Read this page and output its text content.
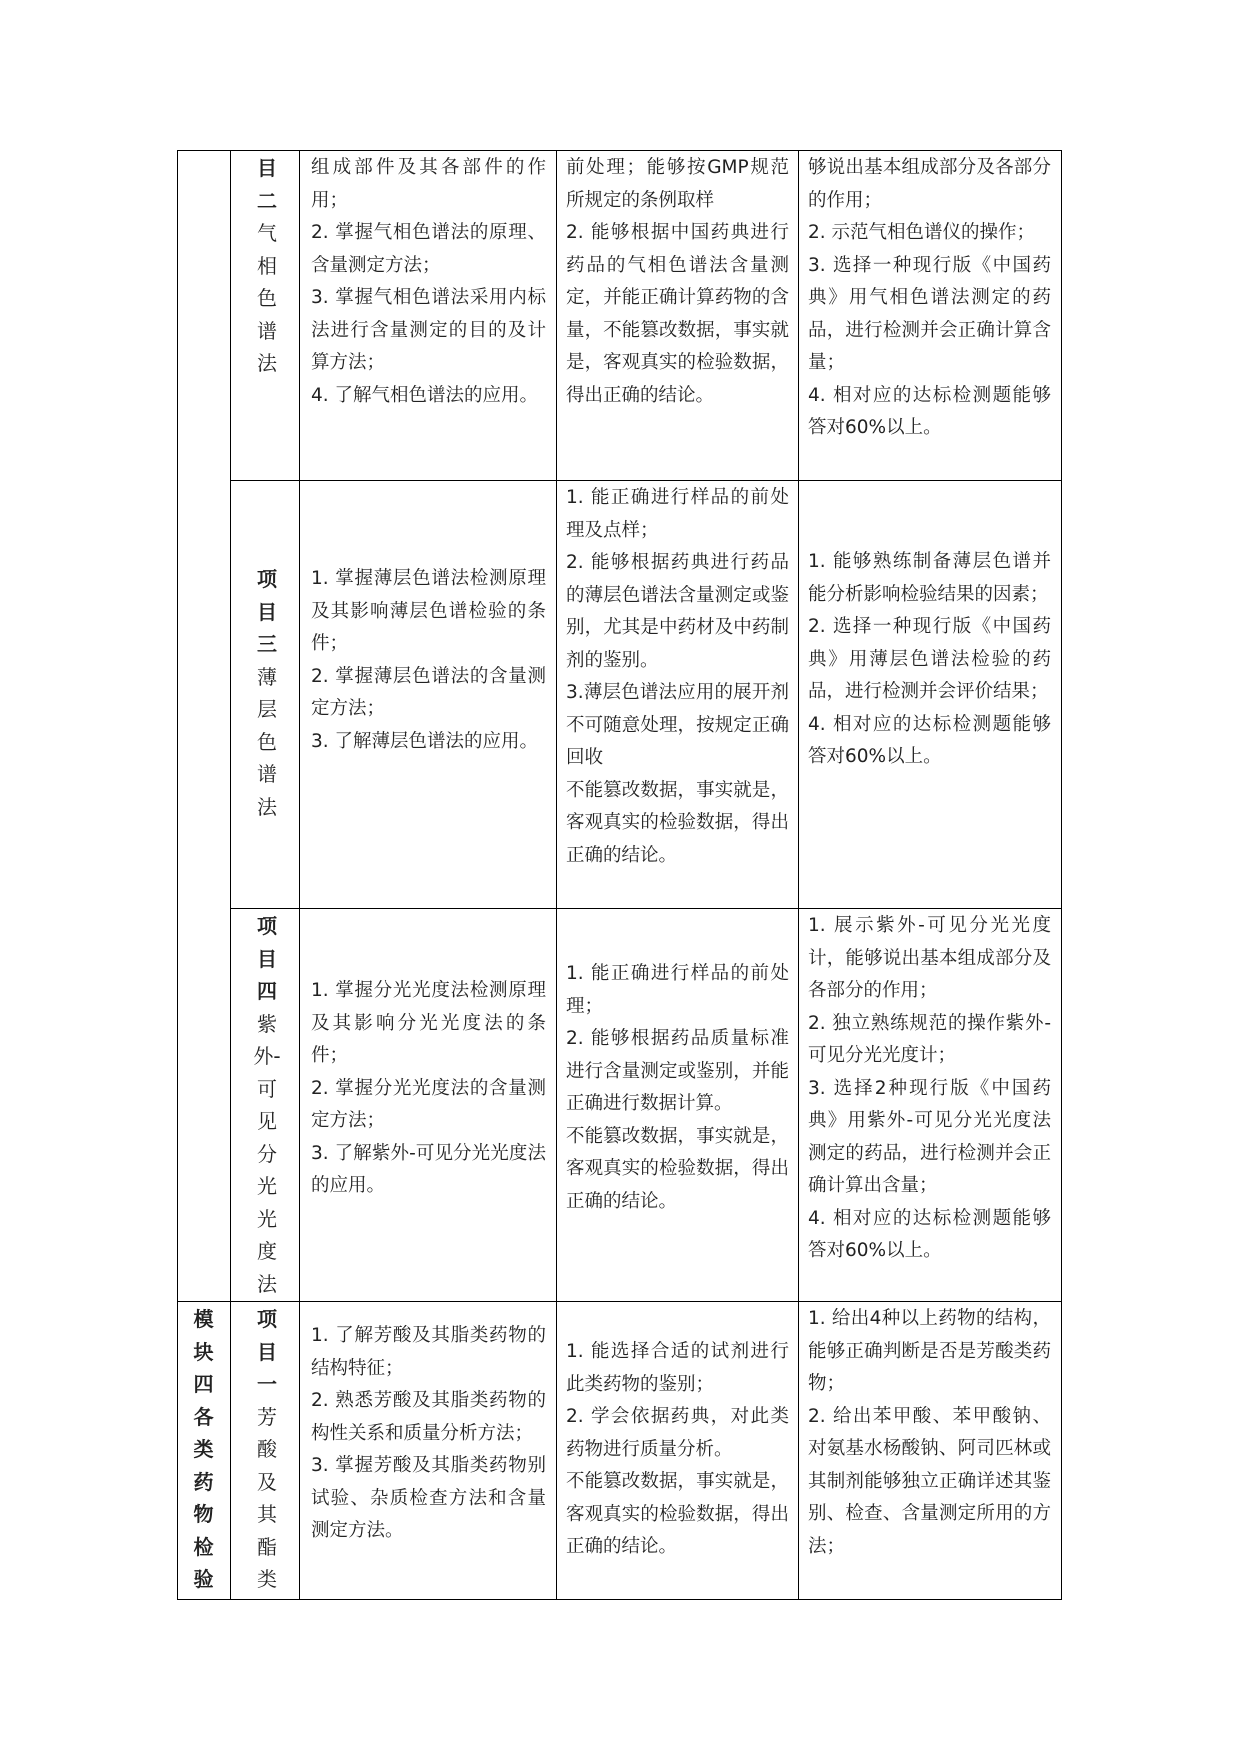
目
二
气
相
色
谱
法

组成部件及其各部件的作用；

2. 掌握气相色谱法的原理、含量测定方法；

3. 掌握气相色谱法采用内标法进行含量测定的目的及计算方法；

4. 了解气相色谱法的应用。

前处理；能够按GMP规范所规定的条例取样

2. 能够根据中国药典进行药品的气相色谱法含量测定，并能正确计算药物的含量，不能篡改数据，事实就是，客观真实的检验数据，得出正确的结论。

够说出基本组成部分及各部分的作用；

2. 示范气相色谱仪的操作；

3. 选择一种现行版《中国药典》用气相色谱法测定的药品，进行检测并会正确计算含量；

4. 相对应的达标检测题能够答对60%以上。

项
目
三
薄
层
色
谱
法

1. 掌握薄层色谱法检测原理及其影响薄层色谱检验的条件；

2. 掌握薄层色谱法的含量测定方法；

3. 了解薄层色谱法的应用。

1. 能正确进行样品的前处理及点样；

2. 能够根据药典进行药品的薄层色谱法含量测定或鉴别，尤其是中药材及中药制剂的鉴别。

3.薄层色谱法应用的展开剂不可随意处理，按规定正确回收

不能篡改数据，事实就是，客观真实的检验数据，得出正确的结论。

1. 能够熟练制备薄层色谱并能分析影响检验结果的因素；

2. 选择一种现行版《中国药典》用薄层色谱法检验的药品，进行检测并会评价结果；

4. 相对应的达标检测题能够答对60%以上。

项
目
四
紫
外-
可
见
分
光
光
度
法

1. 掌握分光光度法检测原理及其影响分光光度法的条件；

2. 掌握分光光度法的含量测定方法；

3. 了解紫外-可见分光光度法的应用。

1. 能正确进行样品的前处理；

2. 能够根据药品质量标准进行含量测定或鉴别，并能正确进行数据计算。

不能篡改数据，事实就是，客观真实的检验数据，得出正确的结论。

1. 展示紫外-可见分光光度计，能够说出基本组成部分及各部分的作用；

2. 独立熟练规范的操作紫外-可见分光光度计；

3. 选择2种现行版《中国药典》用紫外-可见分光光度法测定的药品，进行检测并会正确计算出含量；

4. 相对应的达标检测题能够答对60%以上。

模
块
四
各
类
药
物
检
验
项
目
一
芳
酸
及
其
酯
类

1. 了解芳酸及其脂类药物的结构特征；

2. 熟悉芳酸及其脂类药物的构性关系和质量分析方法；

3. 掌握芳酸及其脂类药物别试验、杂质检查方法和含量测定方法。

1. 能选择合适的试剂进行此类药物的鉴别；

2. 学会依据药典，对此类药物进行质量分析。

不能篡改数据，事实就是，客观真实的检验数据，得出正确的结论。

1. 给出4种以上药物的结构，能够正确判断是否是芳酸类药物；

2. 给出苯甲酸、苯甲酸钠、对氨基水杨酸钠、阿司匹林或其制剂能够独立正确详述其鉴别、检查、含量测定所用的方法；
